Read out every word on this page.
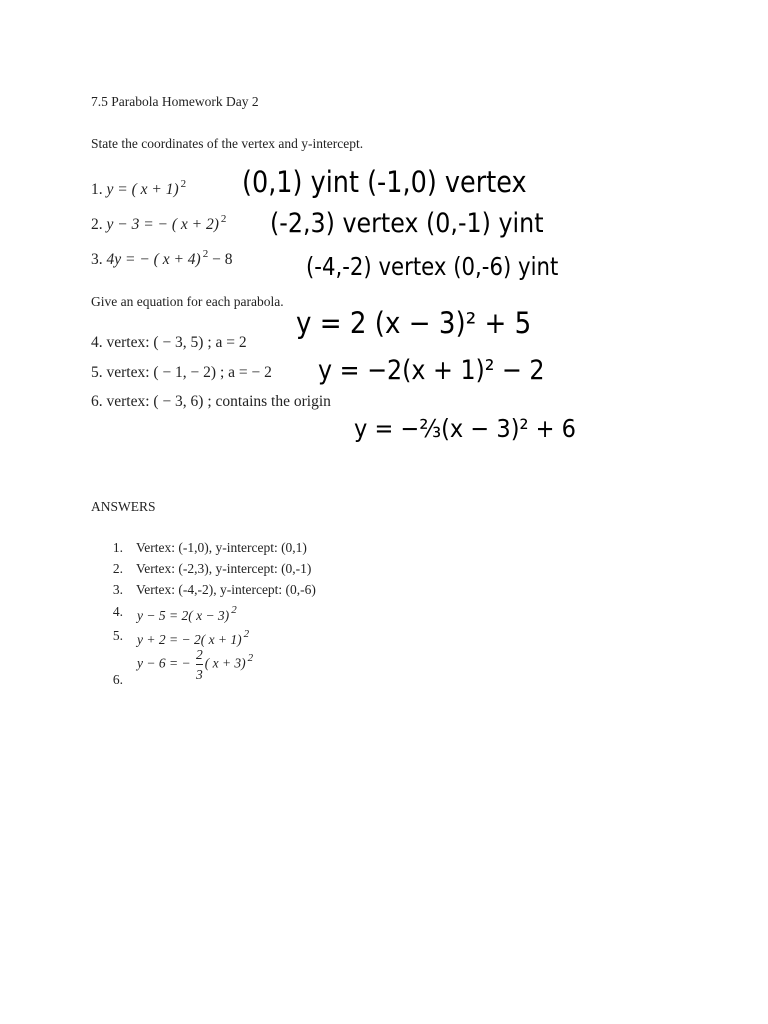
7.5 Parabola Homework Day 2
State the coordinates of the vertex and y-intercept.
1. y = ( x + 1) $^2$ (0,1) yint (-1,0) vertex
2. y − 3 = − ( x + 2) $^2$ (-2,3) vertex (0,-1) yint
3. 4y = − ( x + 4) $^2$ − 8	(-4,-2) vertex (0,-6) yint
Give an equation for each parabola.
4. vertex: ( − 3, 5) ; a = 2
y = 2 (x − 3)² + 5
5. vertex: ( − 1, − 2) ; a = − 2 y = −2(x + 1)² − 2
6. vertex: ( − 3, 6) ; contains the origin
y = −⅔(x − 3)² + 6
ANSWERS
1. Vertex: (-1,0), y-intercept: (0,1)
2. Vertex: (-2,3), y-intercept: (0,-1)
3. Vertex: (-4,-2), y-intercept: (0,-6)
4. y − 5 = 2( x − 3) $^2$
5. y + 2 = − 2( x + 1) $^2$
6.
y − 6 = − $\frac{2}{3}$ ( x + 3) $^2$
